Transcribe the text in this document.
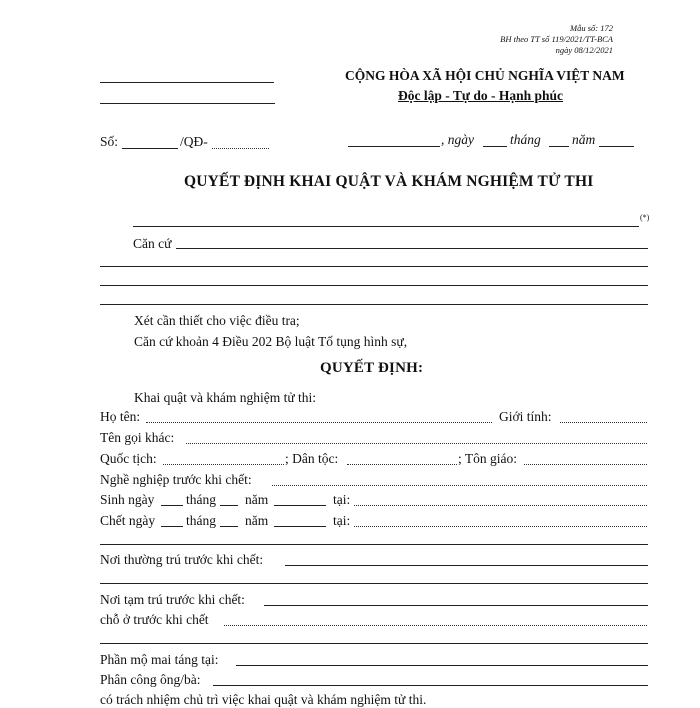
Mẫu số: 172
BH theo TT số 119/2021/TT-BCA
ngày 08/12/2021
CỘNG HÒA XÃ HỘI CHỦ NGHĨA VIỆT NAM
Độc lập - Tự do - Hạnh phúc
Số:	/QĐ-	, ngày	tháng năm
QUYẾT ĐỊNH KHAI QUẬT VÀ KHÁM NGHIỆM TỬ THI
(*)
Căn cứ
Xét cần thiết cho việc điều tra;
Căn cứ khoản 4 Điều 202 Bộ luật Tố tụng hình sự,
QUYẾT ĐỊNH:
Khai quật và khám nghiệm tử thi:
Họ tên:	Giới tính:
Tên gọi khác:
Quốc tịch:	; Dân tộc:	; Tôn giáo:
Nghề nghiệp trước khi chết:
Sinh ngày tháng năm	tại:
Chết ngày tháng năm	tại:
Nơi thường trú trước khi chết:
Nơi tạm trú trước khi chết:
chỗ ở trước khi chết
Phần mộ mai táng tại:
Phân công ông/bà:
có trách nhiệm chủ trì việc khai quật và khám nghiệm tử thi.
